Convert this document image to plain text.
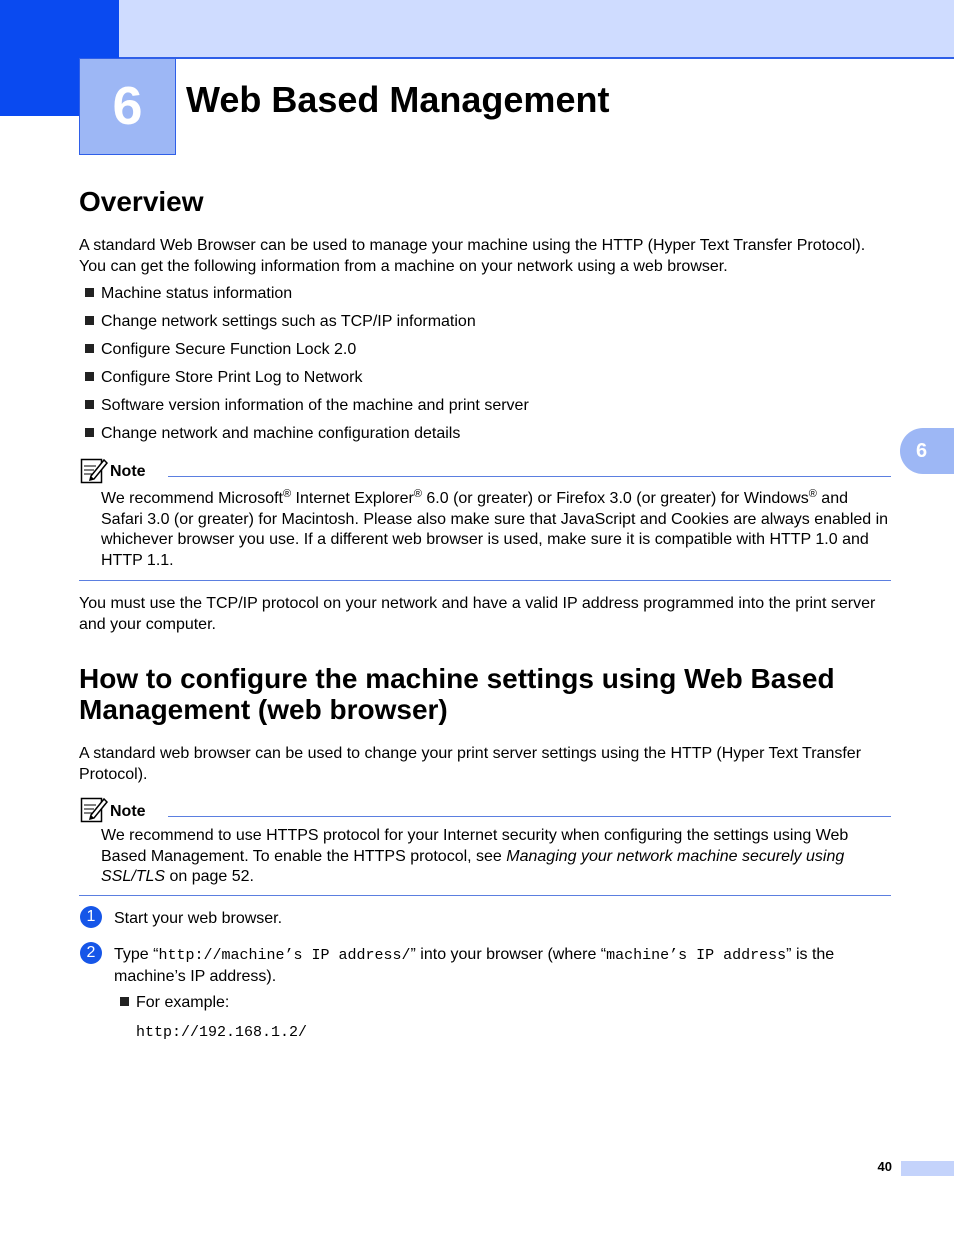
6	Web Based Management
6
Overview

A standard Web Browser can be used to manage your machine using the HTTP (Hyper Text Transfer Protocol). You can get the following information from a machine on your network using a web browser.

Machine status information
Change network settings such as TCP/IP information
Configure Secure Function Lock 2.0
Configure Store Print Log to Network
Software version information of the machine and print server
Change network and machine configuration details
Note

We recommend Microsoft® Internet Explorer® 6.0 (or greater) or Firefox 3.0 (or greater) for Windows® and Safari 3.0 (or greater) for Macintosh. Please also make sure that JavaScript and Cookies are always enabled in whichever browser you use. If a different web browser is used, make sure it is compatible with HTTP 1.0 and HTTP 1.1.

You must use the TCP/IP protocol on your network and have a valid IP address programmed into the print server and your computer.

How to configure the machine settings using Web Based Management (web browser)

A standard web browser can be used to change your print server settings using the HTTP (Hyper Text Transfer Protocol).

Note

We recommend to use HTTPS protocol for your Internet security when configuring the settings using Web Based Management. To enable the HTTPS protocol, see Managing your network machine securely using SSL/TLS on page 52.

1	Start your web browser.

2	Type “http://machine’s IP address/” into your browser (where “machine’s IP address” is the machine’s IP address).

For example:
http://192.168.1.2/
40
